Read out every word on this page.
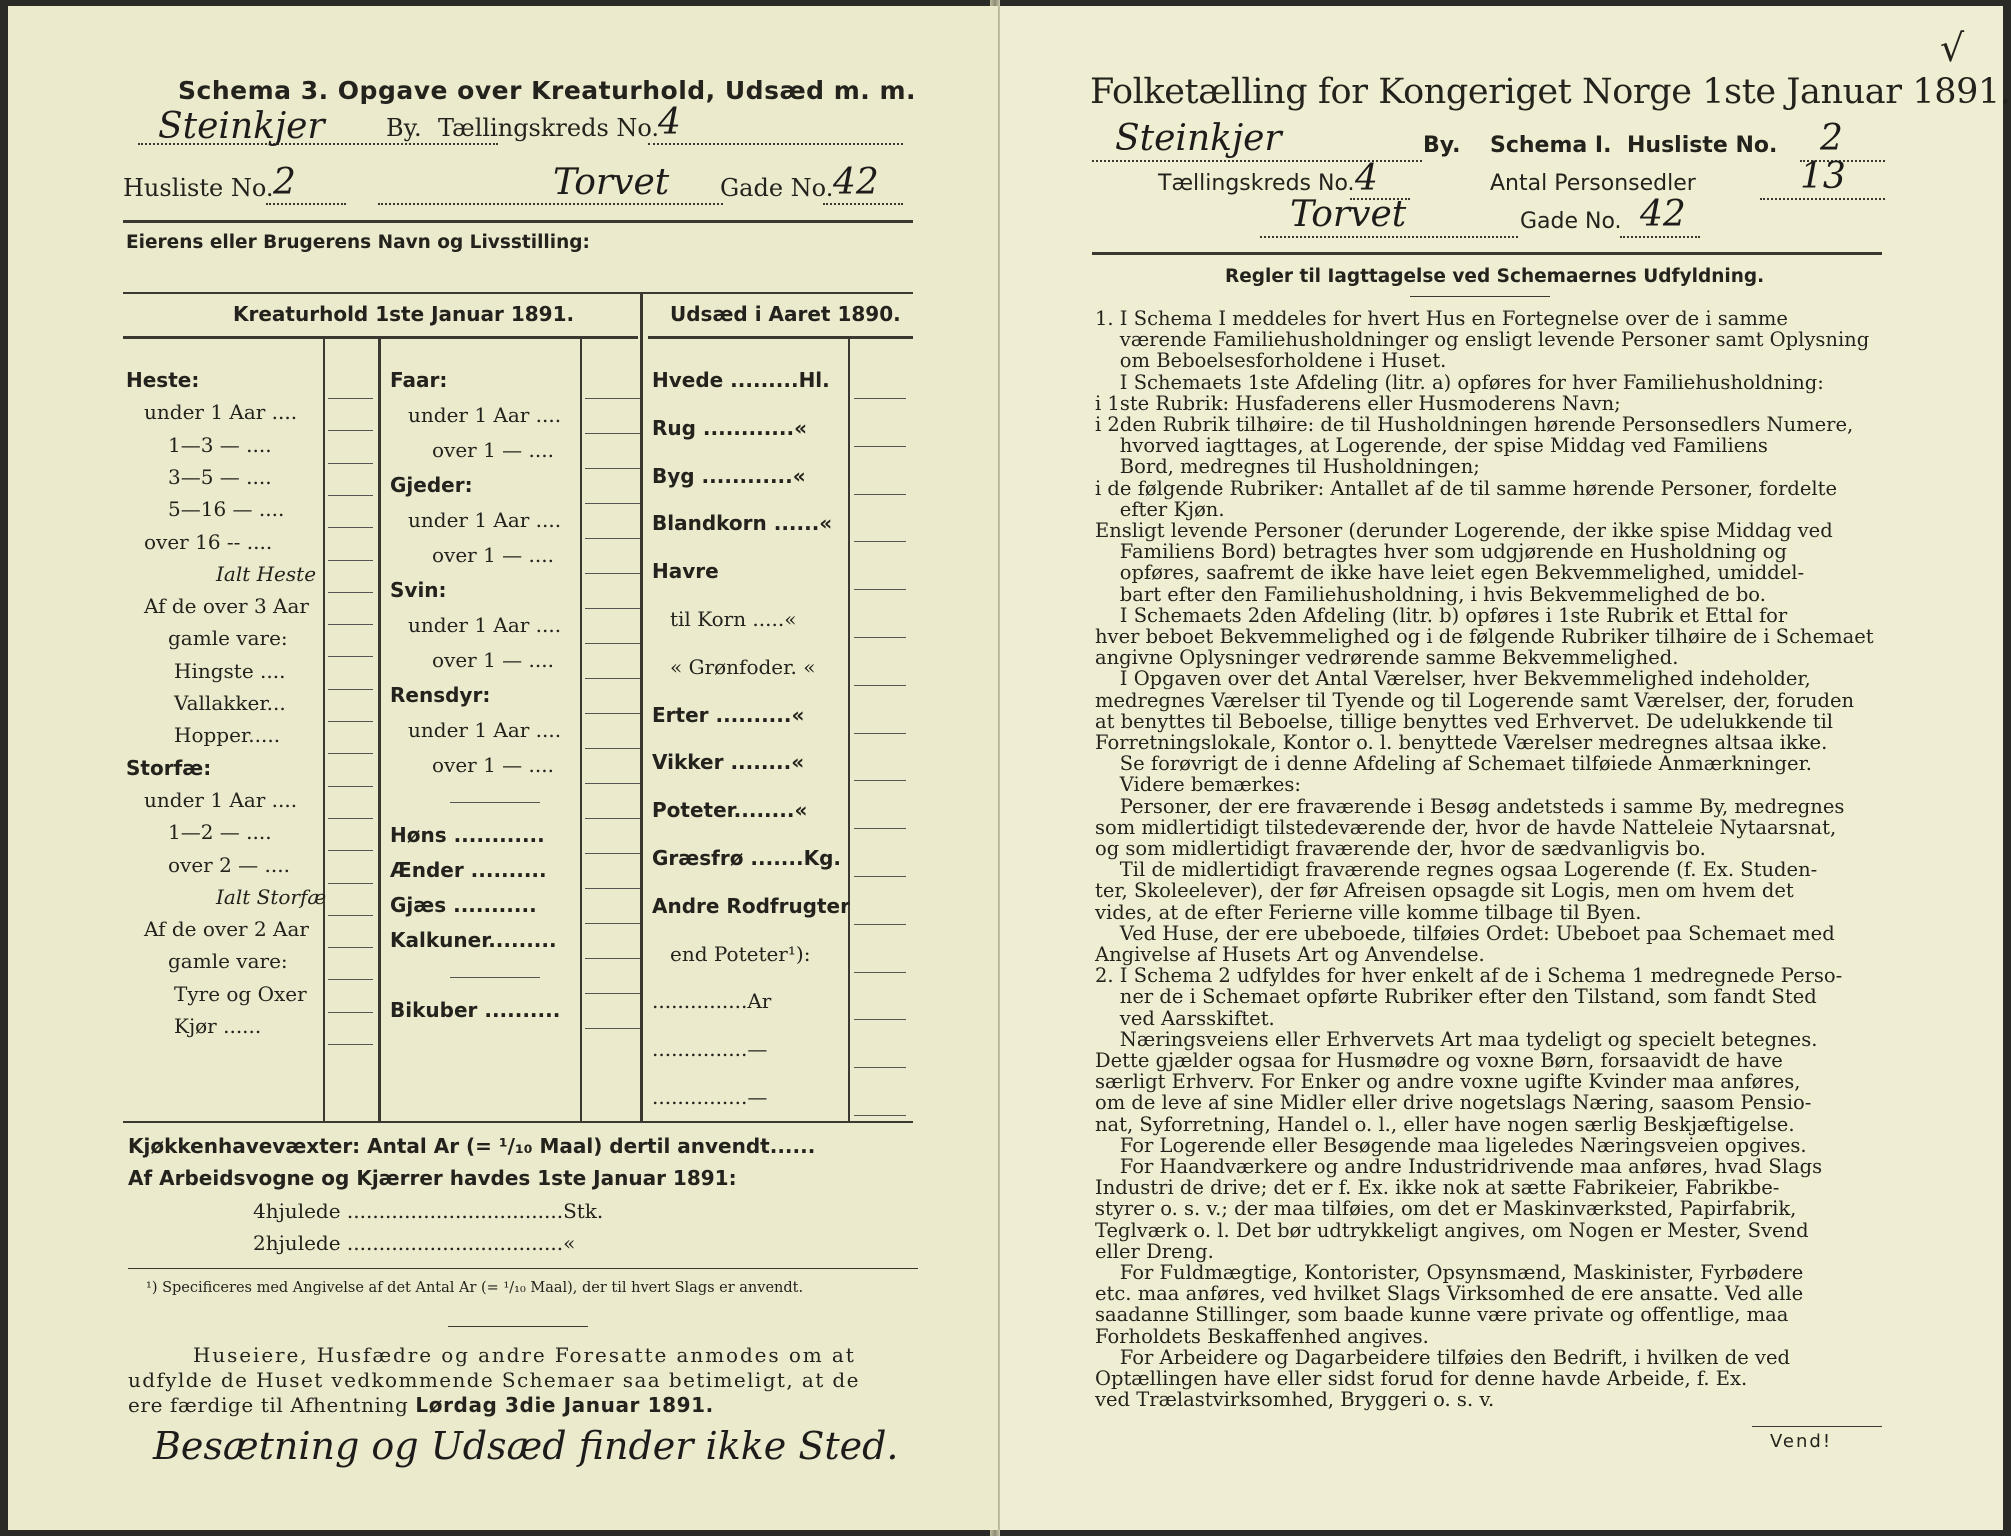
Schema 3. Opgave over Kreaturhold, Udsæd m. m.
Steinkjer	By. Tællingskreds No.
4
Husliste No. 2	Torvet Gade No. 42
Eierens eller Brugerens Navn og Livsstilling:
Kreaturhold 1ste Januar 1891.	Udsæd i Aaret 1890.
Kjøkkenhavevæxter: Antal Ar (= ¹/₁₀ Maal) dertil anvendt......
Af Arbeidsvogne og Kjærrer havdes 1ste Januar 1891:
4hjulede ..................................Stk.
2hjulede ..................................«
¹) Specificeres med Angivelse af det Antal Ar (= ¹/₁₀ Maal), der til hvert Slags er anvendt.
Huseiere, Husfædre og andre Foresatte anmodes om at
udfylde de Huset vedkommende Schemaer saa betimeligt, at de
ere færdige til Afhentning Lørdag 3die Januar 1891.
Besætning og Udsæd finder ikke Sted.
Heste:
under 1 Aar ....
1—3 — ....
3—5 — ....
5—16 — ....
over 16 -- ....
Ialt Heste
Af de over 3 Aar
gamle vare:
Hingste ....
Vallakker...
Hopper.....
Storfæ:
under 1 Aar ....
1—2 — ....
over 2 — ....
Ialt Storfæ
Af de over 2 Aar
gamle vare:
Tyre og Oxer
Kjør ......
Faar:
under 1 Aar ....
over 1 — ....
Gjeder:
under 1 Aar ....
over 1 — ....
Svin:
under 1 Aar ....
over 1 — ....
Rensdyr:
under 1 Aar ....
over 1 — ....
Høns ............
Ænder ..........
Gjæs ...........
Kalkuner.........
Bikuber ..........
Hvede .........Hl.
Rug ............«
Byg ............«
Blandkorn ......«
Havre
til Korn .....«
« Grønfoder. «
Erter ..........«
Vikker ........«
Poteter........«
Græsfrø .......Kg.
Andre Rodfrugter
end Poteter¹):
...............Ar
...............—
...............—
√
Folketælling for Kongeriget Norge 1ste Januar 1891.
Steinkjer	By. Schema I. Husliste No. 2
Tællingskreds No. 4	Antal Personsedler	13
Torvet	Gade No. 42
Regler til Iagttagelse ved Schemaernes Udfyldning.
Vend!
1. I Schema I meddeles for hvert Hus en Fortegnelse over de i samme
værende Familiehusholdninger og ensligt levende Personer samt Oplysning
om Beboelsesforholdene i Huset.
I Schemaets 1ste Afdeling (litr. a) opføres for hver Familiehusholdning:
i 1ste Rubrik: Husfaderens eller Husmoderens Navn;
i 2den Rubrik tilhøire: de til Husholdningen hørende Personsedlers Numere,
hvorved iagttages, at Logerende, der spise Middag ved Familiens
Bord, medregnes til Husholdningen;
i de følgende Rubriker: Antallet af de til samme hørende Personer, fordelte
efter Kjøn.
Ensligt levende Personer (derunder Logerende, der ikke spise Middag ved
Familiens Bord) betragtes hver som udgjørende en Husholdning og
opføres, saafremt de ikke have leiet egen Bekvemmelighed, umiddel-
bart efter den Familiehusholdning, i hvis Bekvemmelighed de bo.
I Schemaets 2den Afdeling (litr. b) opføres i 1ste Rubrik et Ettal for
hver beboet Bekvemmelighed og i de følgende Rubriker tilhøire de i Schemaet
angivne Oplysninger vedrørende samme Bekvemmelighed.
I Opgaven over det Antal Værelser, hver Bekvemmelighed indeholder,
medregnes Værelser til Tyende og til Logerende samt Værelser, der, foruden
at benyttes til Beboelse, tillige benyttes ved Erhvervet. De udelukkende til
Forretningslokale, Kontor o. l. benyttede Værelser medregnes altsaa ikke.
Se forøvrigt de i denne Afdeling af Schemaet tilføiede Anmærkninger.
Videre bemærkes:
Personer, der ere fraværende i Besøg andetsteds i samme By, medregnes
som midlertidigt tilstedeværende der, hvor de havde Natteleie Nytaarsnat,
og som midlertidigt fraværende der, hvor de sædvanligvis bo.
Til de midlertidigt fraværende regnes ogsaa Logerende (f. Ex. Studen-
ter, Skoleelever), der før Afreisen opsagde sit Logis, men om hvem det
vides, at de efter Ferierne ville komme tilbage til Byen.
Ved Huse, der ere ubeboede, tilføies Ordet: Ubeboet paa Schemaet med
Angivelse af Husets Art og Anvendelse.
2. I Schema 2 udfyldes for hver enkelt af de i Schema 1 medregnede Perso-
ner de i Schemaet opførte Rubriker efter den Tilstand, som fandt Sted
ved Aarsskiftet.
Næringsveiens eller Erhvervets Art maa tydeligt og specielt betegnes.
Dette gjælder ogsaa for Husmødre og voxne Børn, forsaavidt de have
særligt Erhverv. For Enker og andre voxne ugifte Kvinder maa anføres,
om de leve af sine Midler eller drive nogetslags Næring, saasom Pensio-
nat, Syforretning, Handel o. l., eller have nogen særlig Beskjæftigelse.
For Logerende eller Besøgende maa ligeledes Næringsveien opgives.
For Haandværkere og andre Industridrivende maa anføres, hvad Slags
Industri de drive; det er f. Ex. ikke nok at sætte Fabrikeier, Fabrikbe-
styrer o. s. v.; der maa tilføies, om det er Maskinværksted, Papirfabrik,
Teglværk o. l. Det bør udtrykkeligt angives, om Nogen er Mester, Svend
eller Dreng.
For Fuldmægtige, Kontorister, Opsynsmænd, Maskinister, Fyrbødere
etc. maa anføres, ved hvilket Slags Virksomhed de ere ansatte. Ved alle
saadanne Stillinger, som baade kunne være private og offentlige, maa
Forholdets Beskaffenhed angives.
For Arbeidere og Dagarbeidere tilføies den Bedrift, i hvilken de ved
Optællingen have eller sidst forud for denne havde Arbeide, f. Ex.
ved Trælastvirksomhed, Bryggeri o. s. v.
